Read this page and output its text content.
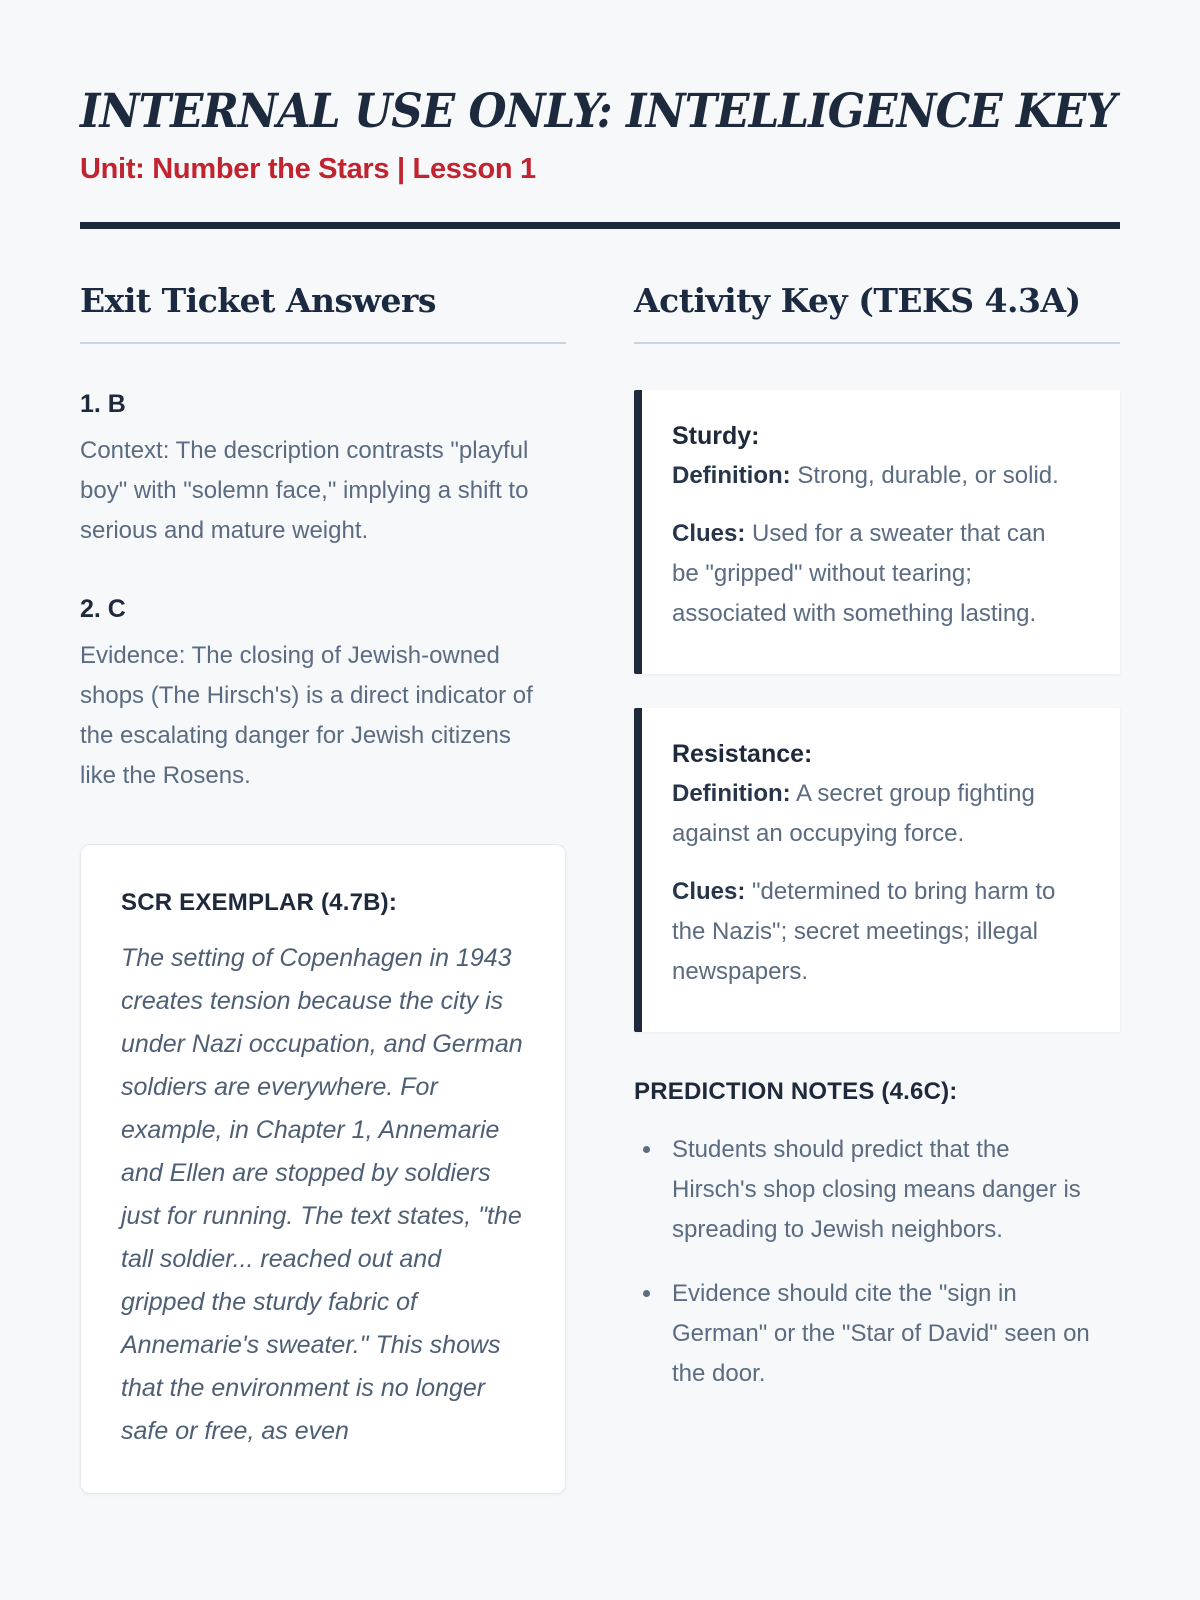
INTERNAL USE ONLY: INTELLIGENCE KEY
Unit: Number the Stars | Lesson 1
Exit Ticket Answers
1. B

Context: The description contrasts "playful boy" with "solemn face," implying a shift to serious and mature weight.

2. C

Evidence: The closing of Jewish-owned shops (The Hirsch's) is a direct indicator of the escalating danger for Jewish citizens like the Rosens.

SCR EXEMPLAR (4.7B):

The setting of Copenhagen in 1943 creates tension because the city is under Nazi occupation, and German soldiers are everywhere. For example, in Chapter 1, Annemarie and Ellen are stopped by soldiers just for running. The text states, "the tall soldier... reached out and gripped the sturdy fabric of Annemarie's sweater." This shows that the environment is no longer safe or free, as even

Activity Key (TEKS 4.3A)
Sturdy:

Definition: Strong, durable, or solid.

Clues: Used for a sweater that can be "gripped" without tearing; associated with something lasting.

Resistance:

Definition: A secret group fighting against an occupying force.

Clues: "determined to bring harm to the Nazis"; secret meetings; illegal newspapers.

PREDICTION NOTES (4.6C):
• Students should predict that the Hirsch's shop closing means danger is spreading to Jewish neighbors.
• Evidence should cite the "sign in German" or the "Star of David" seen on the door.
